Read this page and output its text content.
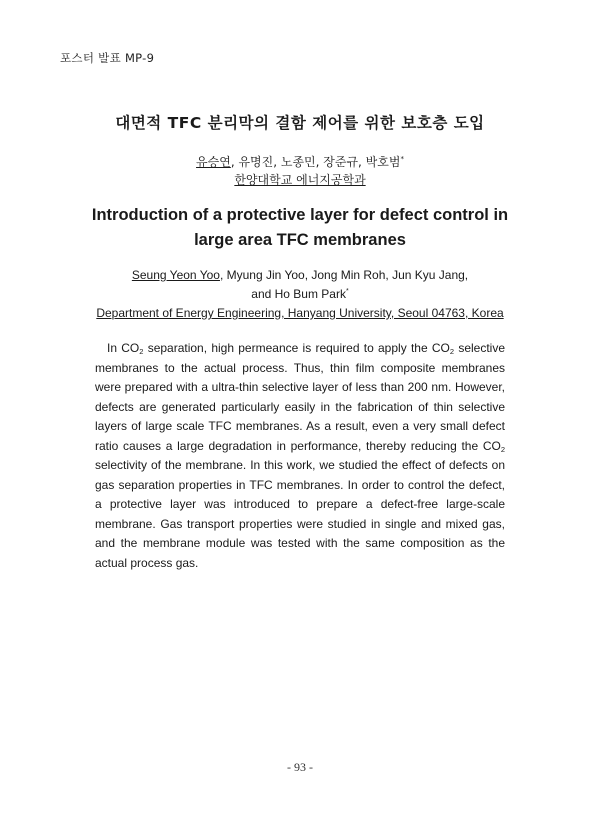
포스터 발표 MP-9
대면적 TFC 분리막의 결함 제어를 위한 보호층 도입
유승연, 유명진, 노종민, 장준규, 박호범*
한양대학교 에너지공학과
Introduction of a protective layer for defect control in
large area TFC membranes
Seung Yeon Yoo, Myung Jin Yoo, Jong Min Roh, Jun Kyu Jang,
and Ho Bum Park*
Department of Energy Engineering, Hanyang University, Seoul 04763, Korea

In $CO_2$ separation, high permeance is required to apply the $CO_2$ selective membranes to the actual process. Thus, thin film composite membranes were prepared with a ultra-thin selective layer of less than 200 nm. However, defects are generated particularly easily in the fabrication of thin selective layers of large scale TFC membranes. As a result, even a very small defect ratio causes a large degradation in performance, thereby reducing the $CO_2$ selectivity of the membrane. In this work, we studied the effect of defects on gas separation properties in TFC membranes. In order to control the defect, a protective layer was introduced to prepare a defect-free large-scale membrane. Gas transport properties were studied in single and mixed gas, and the membrane module was tested with the same composition as the actual process gas.

- 93 -
